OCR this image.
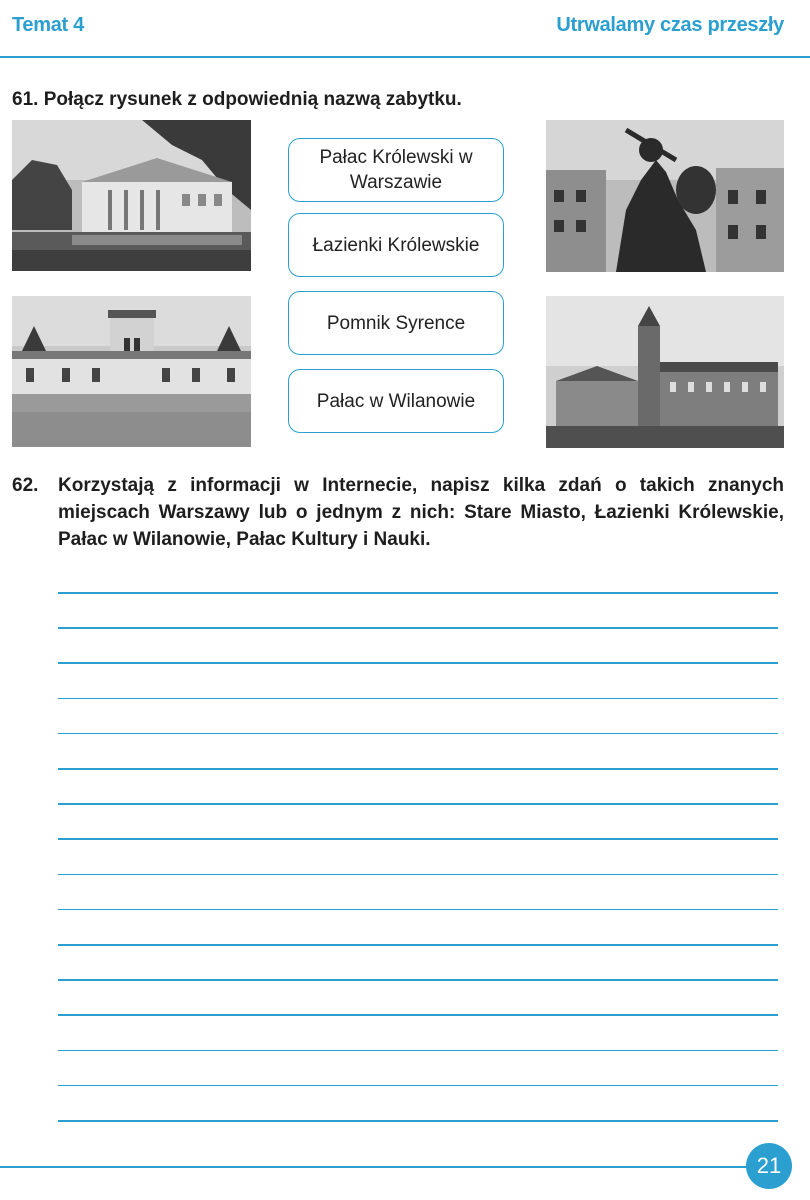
Temat 4	Utrwalamy czas przeszły
61. Połącz rysunek z odpowiednią nazwą zabytku.
Pałac Królewski w Warszawie
Łazienki Królewskie
Pomnik Syrence
Pałac w Wilanowie
62. Korzystają z informacji w Internecie, napisz kilka zdań o takich znanych miejscach Warszawy lub o jednym z nich: Stare Miasto, Łazienki Królewskie, Pałac w Wilanowie, Pałac Kultury i Nauki.
21
